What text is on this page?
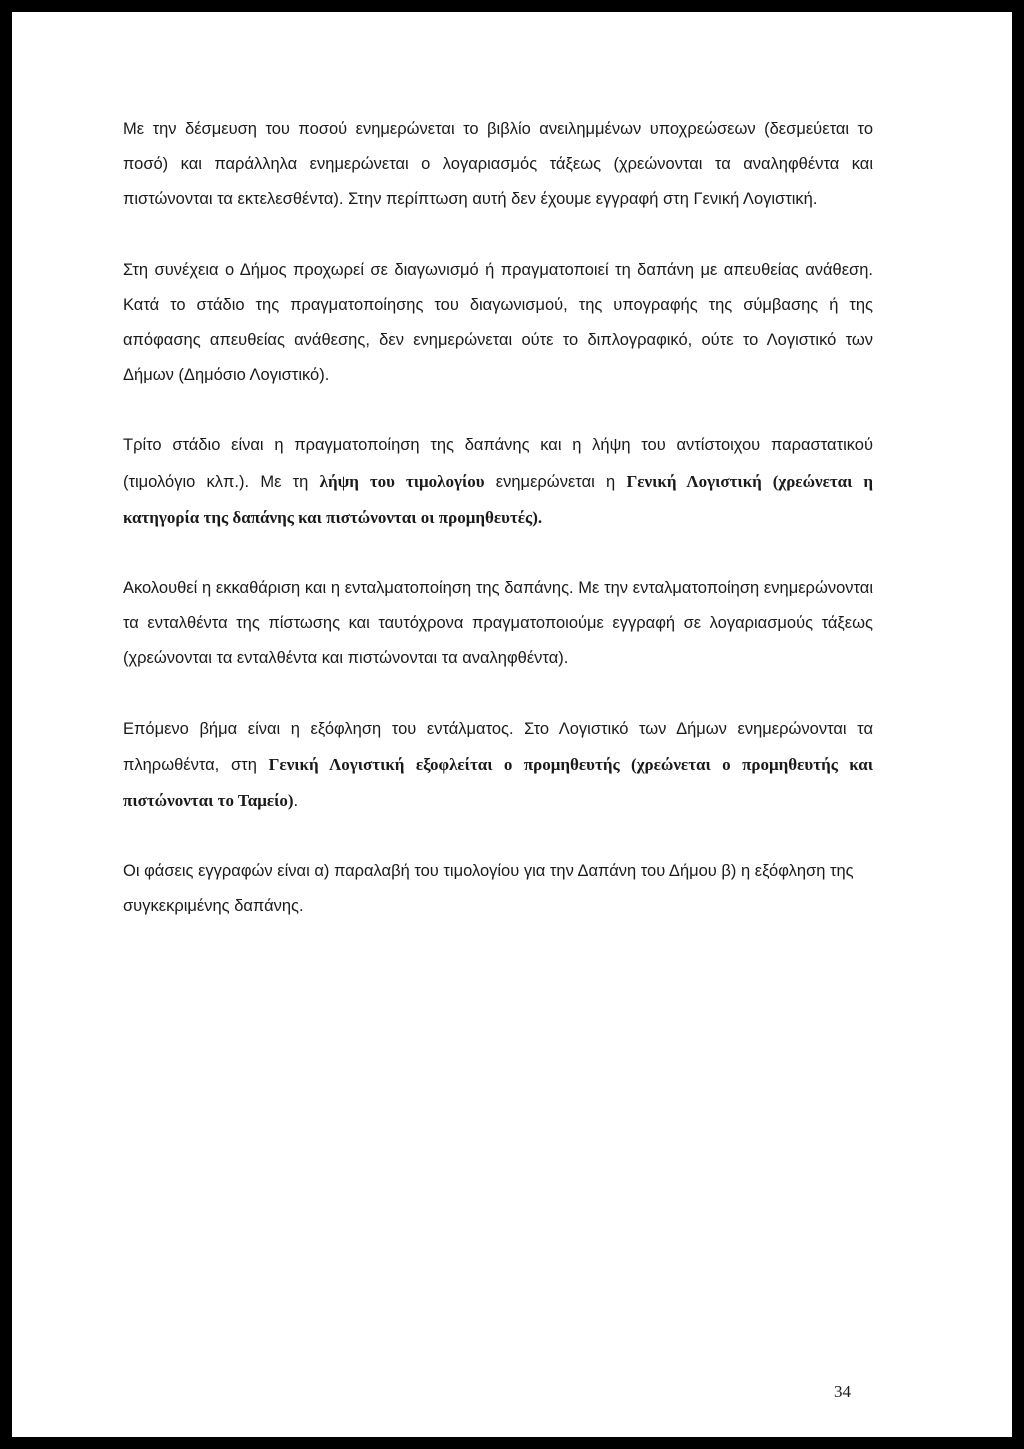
Με την δέσμευση του ποσού ενημερώνεται το βιβλίο ανειλημμένων υποχρεώσεων (δεσμεύεται το ποσό) και παράλληλα ενημερώνεται ο λογαριασμός τάξεως (χρεώνονται τα αναληφθέντα και πιστώνονται τα εκτελεσθέντα). Στην περίπτωση αυτή δεν έχουμε εγγραφή στη Γενική Λογιστική.

Στη συνέχεια ο Δήμος προχωρεί σε διαγωνισμό ή πραγματοποιεί τη δαπάνη με απευθείας ανάθεση. Κατά το στάδιο της πραγματοποίησης του διαγωνισμού, της υπογραφής της σύμβασης ή της απόφασης απευθείας ανάθεσης, δεν ενημερώνεται ούτε το διπλογραφικό, ούτε το Λογιστικό των Δήμων (Δημόσιο Λογιστικό).

Τρίτο στάδιο είναι η πραγματοποίηση της δαπάνης και η λήψη του αντίστοιχου παραστατικού (τιμολόγιο κλπ.). Με τη λήψη του τιμολογίου ενημερώνεται η Γενική Λογιστική (χρεώνεται η κατηγορία της δαπάνης και πιστώνονται οι προμηθευτές).

Ακολουθεί η εκκαθάριση και η ενταλματοποίηση της δαπάνης. Με την ενταλματοποίηση ενημερώνονται τα ενταλθέντα της πίστωσης και ταυτόχρονα πραγματοποιούμε εγγραφή σε λογαριασμούς τάξεως (χρεώνονται τα ενταλθέντα και πιστώνονται τα αναληφθέντα).

Επόμενο βήμα είναι η εξόφληση του εντάλματος. Στο Λογιστικό των Δήμων ενημερώνονται τα πληρωθέντα, στη Γενική Λογιστική εξοφλείται ο προμηθευτής (χρεώνεται ο προμηθευτής και πιστώνονται το Ταμείο).

Οι φάσεις εγγραφών είναι α) παραλαβή του τιμολογίου για την Δαπάνη του Δήμου β) η εξόφληση της συγκεκριμένης δαπάνης.

34
